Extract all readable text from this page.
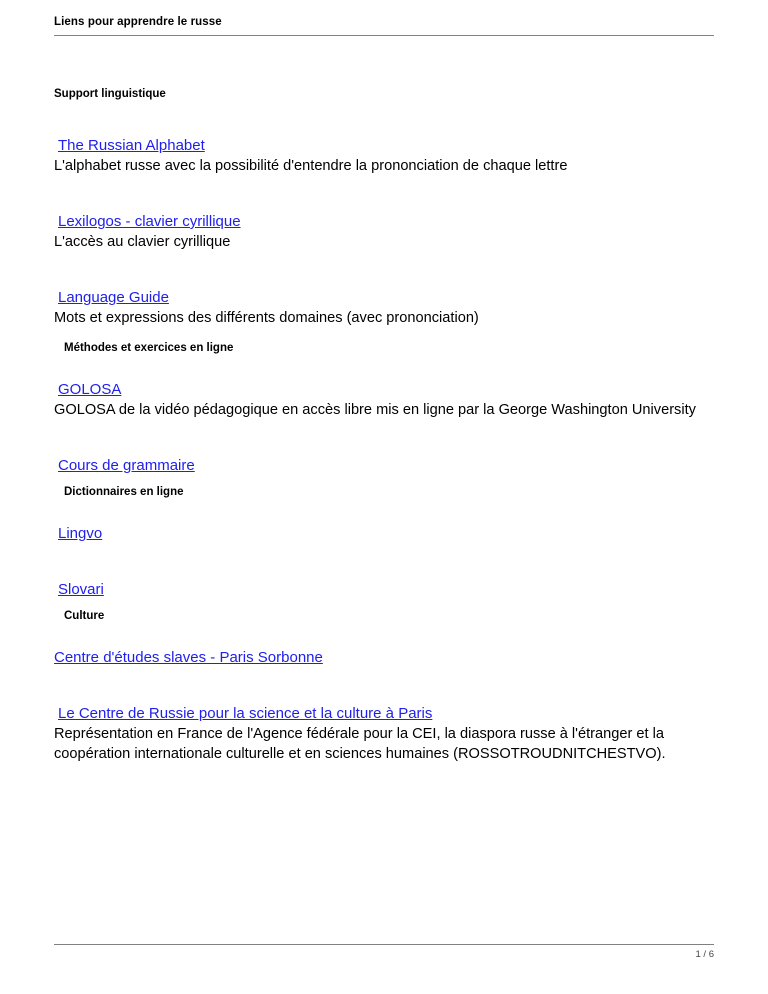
Liens pour apprendre le russe
Support linguistique
The Russian Alphabet
L'alphabet russe avec la possibilité d'entendre la prononciation de chaque lettre
Lexilogos - clavier cyrillique
L'accès au clavier cyrillique
Language Guide
Mots et expressions des différents domaines (avec prononciation)
Méthodes et exercices en ligne
GOLOSA
GOLOSA de la vidéo pédagogique en accès libre mis en ligne par la George Washington University
Cours de grammaire
Dictionnaires en ligne
Lingvo
Slovari
Culture
Centre d'études slaves - Paris Sorbonne
Le Centre de Russie pour la science et la culture à Paris
Représentation en France de l'Agence fédérale pour la CEI, la diaspora russe à l'étranger et la coopération internationale culturelle et en sciences humaines (ROSSOTROUDNITCHESTVO).
1 / 6
